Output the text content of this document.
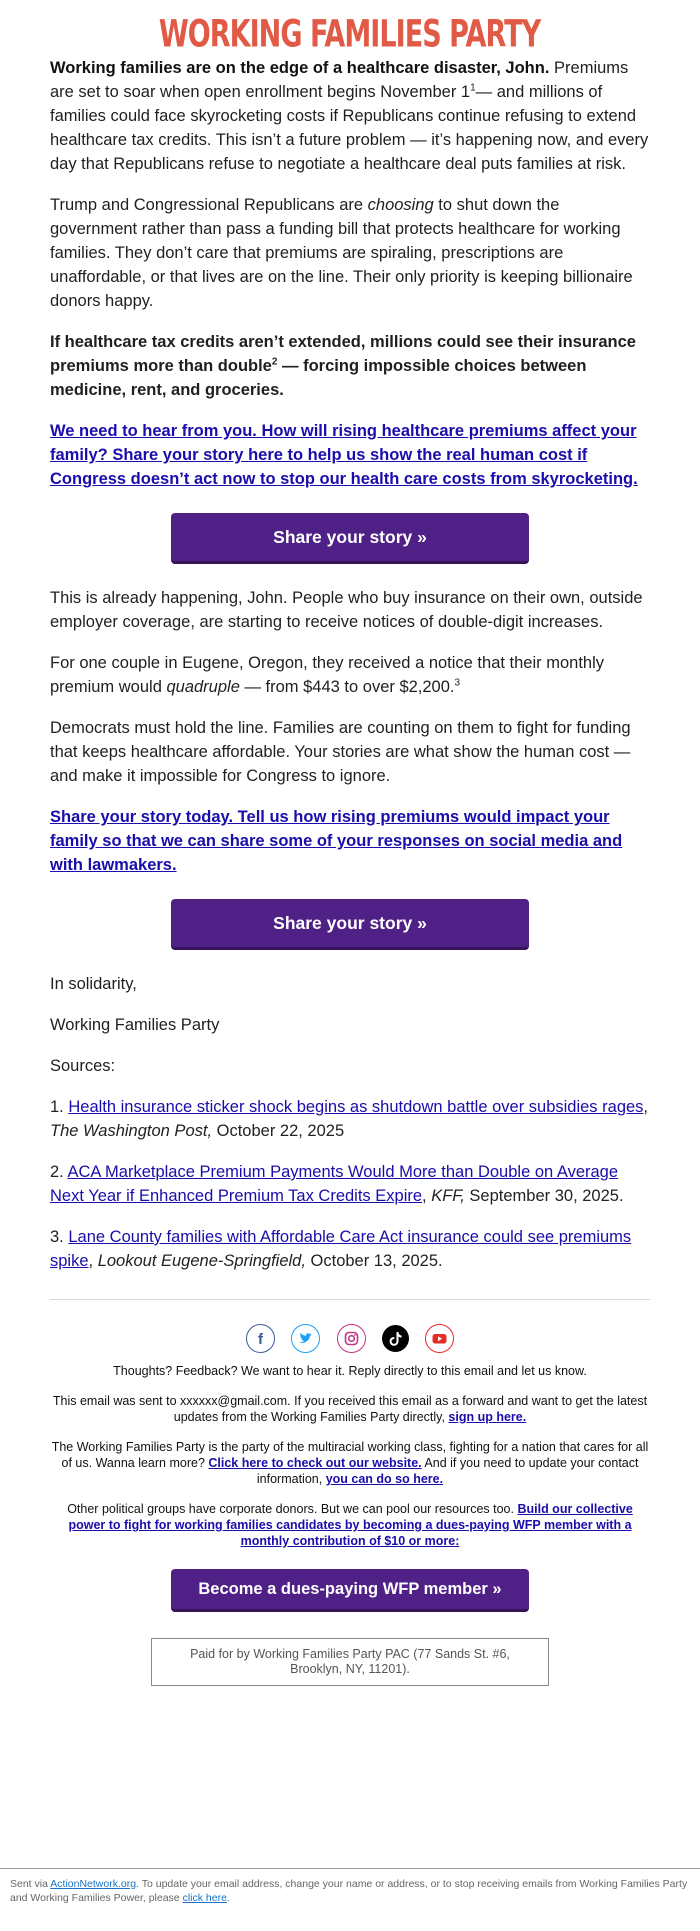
WORKING FAMILIES PARTY

Working families are on the edge of a healthcare disaster, John. Premiums are set to soar when open enrollment begins November $1^1—$ and millions of families could face skyrocketing costs if Republicans continue refusing to extend healthcare tax credits. This isn’t a future problem — it’s happening now, and every day that Republicans refuse to negotiate a healthcare deal puts families at risk.

Trump and Congressional Republicans are choosing to shut down the government rather than pass a funding bill that protects healthcare for working families. They don’t care that premiums are spiraling, prescriptions are unaffordable, or that lives are on the line. Their only priority is keeping billionaire donors happy.

If healthcare tax credits aren’t extended, millions could see their insurance premiums more than double$^2$ — forcing impossible choices between medicine, rent, and groceries.

We need to hear from you. How will rising healthcare premiums affect your family? Share your story here to help us show the real human cost if Congress doesn’t act now to stop our health care costs from skyrocketing.

Share your story »

This is already happening, John. People who buy insurance on their own, outside employer coverage, are starting to receive notices of double-digit increases.

For one couple in Eugene, Oregon, they received a notice that their monthly premium would quadruple — from $443 to over $2,200.$^3$

Democrats must hold the line. Families are counting on them to fight for funding that keeps healthcare affordable. Your stories are what show the human cost — and make it impossible for Congress to ignore.

Share your story today. Tell us how rising premiums would impact your family so that we can share some of your responses on social media and with lawmakers.

Share your story »

In solidarity,

Working Families Party

Sources:

1. Health insurance sticker shock begins as shutdown battle over subsidies rages, The Washington Post, October 22, 2025

2. ACA Marketplace Premium Payments Would More than Double on Average Next Year if Enhanced Premium Tax Credits Expire, KFF, September 30, 2025.

3. Lane County families with Affordable Care Act insurance could see premiums spike, Lookout Eugene-Springfield, October 13, 2025.

f

Thoughts? Feedback? We want to hear it. Reply directly to this email and let us know.

This email was sent to xxxxxx@gmail.com. If you received this email as a forward and want to get the latest updates from the Working Families Party directly, sign up here.

The Working Families Party is the party of the multiracial working class, fighting for a nation that cares for all of us. Wanna learn more? Click here to check out our website. And if you need to update your contact information, you can do so here.

Other political groups have corporate donors. But we can pool our resources too. Build our collective power to fight for working families candidates by becoming a dues-paying WFP member with a monthly contribution of $10 or more:

Become a dues-paying WFP member »
Paid for by Working Families Party PAC (77 Sands St. #6, Brooklyn, NY, 11201).
Sent via ActionNetwork.org. To update your email address, change your name or address, or to stop receiving emails from Working Families Party and Working Families Power, please click here.
